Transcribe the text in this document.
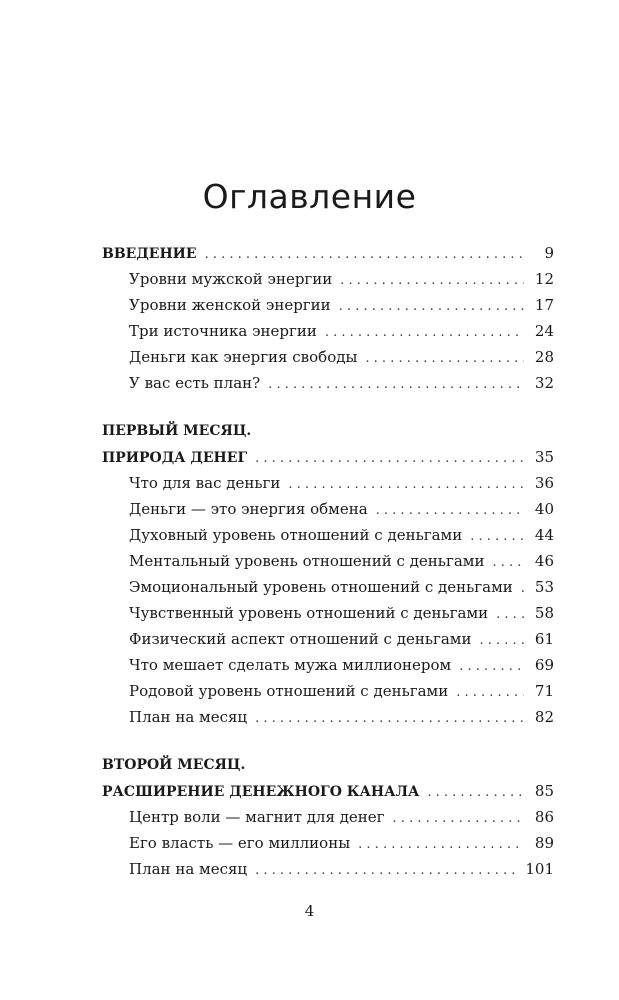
Оглавление
ВВЕДЕНИЕ . . .	9
Уровни мужской энергии . . .	12
Уровни женской энергии . . .	17
Три источника энергии . . .	24
Деньги как энергия свободы . . .	28
У вас есть план? . . .	32
ПЕРВЫЙ МЕСЯЦ.
ПРИРОДА ДЕНЕГ . . .	35
Что для вас деньги . . .	36
Деньги — это энергия обмена . . .	40
Духовный уровень отношений с деньгами . . .	44
Ментальный уровень отношений с деньгами . . .	46
Эмоциональный уровень отношений с деньгами . . . 53
Чувственный уровень отношений с деньгами . . .	58
Физический аспект отношений с деньгами . . .	61
Что мешает сделать мужа миллионером . . .	69
Родовой уровень отношений с деньгами . . .	71
План на месяц . . .	82
ВТОРОЙ МЕСЯЦ.
РАСШИРЕНИЕ ДЕНЕЖНОГО КАНАЛА . . .	85
Центр воли — магнит для денег . . .	86
Его власть — его миллионы . . .	89
План на месяц . . .	101
4
